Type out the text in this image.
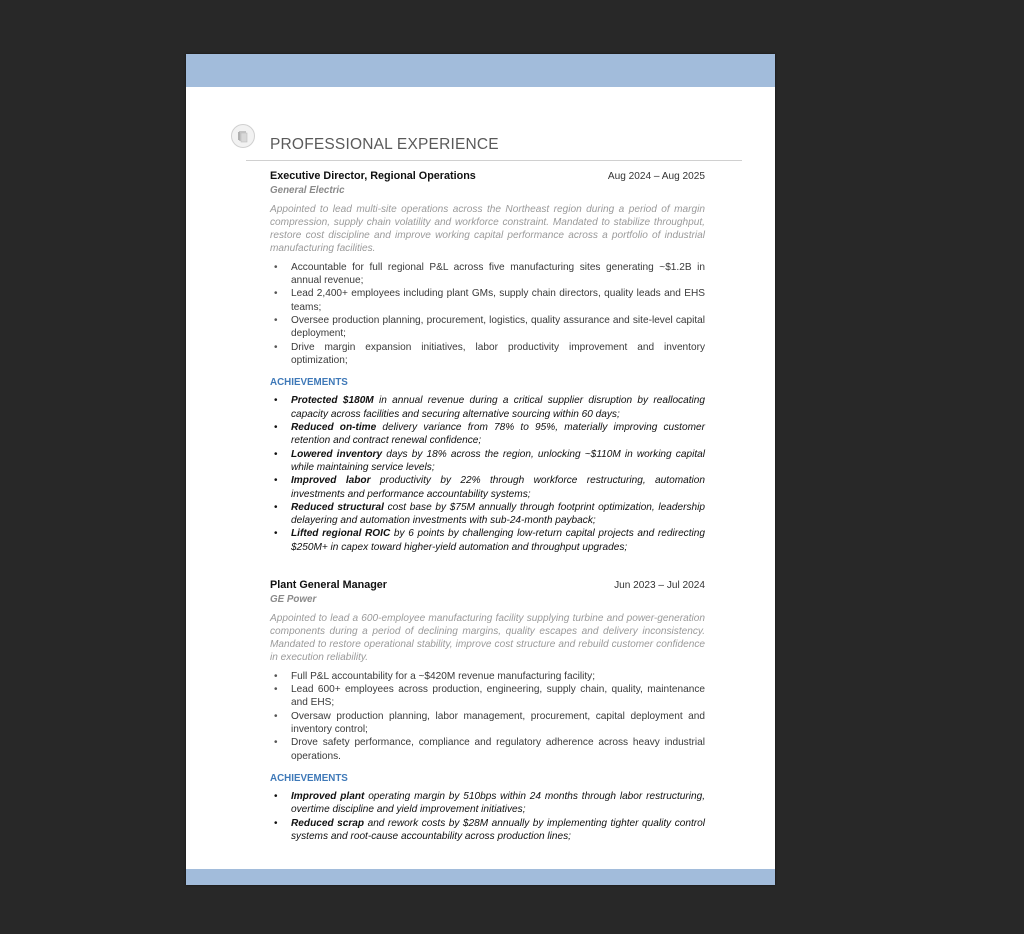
PROFESSIONAL EXPERIENCE
Executive Director, Regional Operations	Aug 2024 – Aug 2025
General Electric
Appointed to lead multi-site operations across the Northeast region during a period of margin compression, supply chain volatility and workforce constraint. Mandated to stabilize throughput, restore cost discipline and improve working capital performance across a portfolio of industrial manufacturing facilities.
• Accountable for full regional P&L across five manufacturing sites generating ~$1.2B in annual revenue;
• Lead 2,400+ employees including plant GMs, supply chain directors, quality leads and EHS teams;
• Oversee production planning, procurement, logistics, quality assurance and site-level capital deployment;
• Drive margin expansion initiatives, labor productivity improvement and inventory optimization;
ACHIEVEMENTS
• Protected $180M in annual revenue during a critical supplier disruption by reallocating capacity across facilities and securing alternative sourcing within 60 days;
• Reduced on-time delivery variance from 78% to 95%, materially improving customer retention and contract renewal confidence;
• Lowered inventory days by 18% across the region, unlocking ~$110M in working capital while maintaining service levels;
• Improved labor productivity by 22% through workforce restructuring, automation investments and performance accountability systems;
• Reduced structural cost base by $75M annually through footprint optimization, leadership delayering and automation investments with sub-24-month payback;
• Lifted regional ROIC by 6 points by challenging low-return capital projects and redirecting $250M+ in capex toward higher-yield automation and throughput upgrades;
Plant General Manager	Jun 2023 – Jul 2024
GE Power
Appointed to lead a 600-employee manufacturing facility supplying turbine and power-generation components during a period of declining margins, quality escapes and delivery inconsistency. Mandated to restore operational stability, improve cost structure and rebuild customer confidence in execution reliability.
• Full P&L accountability for a ~$420M revenue manufacturing facility;
• Lead 600+ employees across production, engineering, supply chain, quality, maintenance and EHS;
• Oversaw production planning, labor management, procurement, capital deployment and inventory control;
• Drove safety performance, compliance and regulatory adherence across heavy industrial operations.
ACHIEVEMENTS
• Improved plant operating margin by 510bps within 24 months through labor restructuring, overtime discipline and yield improvement initiatives;
• Reduced scrap and rework costs by $28M annually by implementing tighter quality control systems and root-cause accountability across production lines;
